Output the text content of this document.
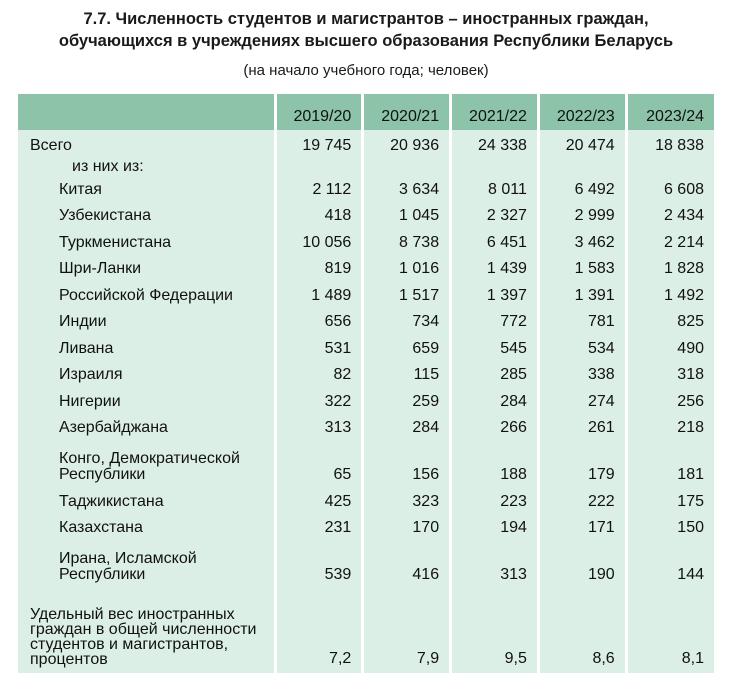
7.7. Численность студентов и магистрантов – иностранных граждан,
обучающихся в учреждениях высшего образования Республики Беларусь
(на начало учебного года; человек)
	2019/20	2020/21	2021/22	2022/23	2023/24
Всего	19 745	20 936	24 338	20 474	18 838
из них из:					
Китая	2 112	3 634	8 011	6 492	6 608
Узбекистана	418	1 045	2 327	2 999	2 434
Туркменистана	10 056	8 738	6 451	3 462	2 214
Шри-Ланки	819	1 016	1 439	1 583	1 828
Российской Федерации	1 489	1 517	1 397	1 391	1 492
Индии	656	734	772	781	825
Ливана	531	659	545	534	490
Израиля	82	115	285	338	318
Нигерии	322	259	284	274	256
Азербайджана	313	284	266	261	218
Конго, Демократической Республики	65	156	188	179	181
Таджикистана	425	323	223	222	175
Казахстана	231	170	194	171	150
Ирана, Исламской Республики	539	416	313	190	144
Удельный вес иностранных граждан в общей численности студентов и магистрантов, процентов	7,2	7,9	9,5	8,6	8,1
